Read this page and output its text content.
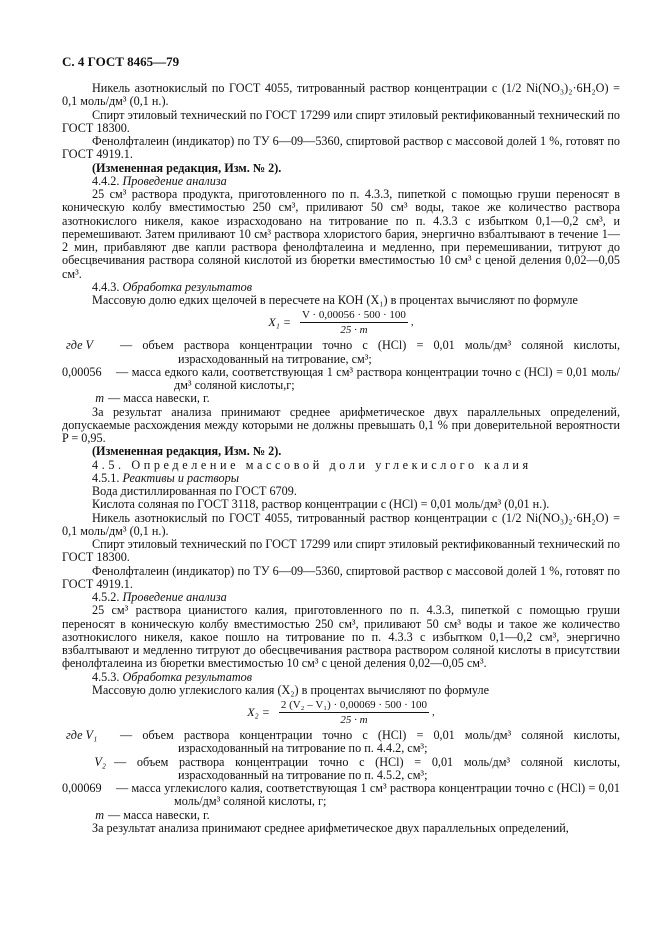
С. 4 ГОСТ 8465—79

Никель азотнокислый по ГОСТ 4055, титрованный раствор концентрации c (1/2 Ni(NO₃)₂·6H₂O) = 0,1 моль/дм³ (0,1 н.).

Спирт этиловый технический по ГОСТ 17299 или спирт этиловый ректификованный технический по ГОСТ 18300.

Фенолфталеин (индикатор) по ТУ 6—09—5360, спиртовой раствор с массовой долей 1 %, готовят по ГОСТ 4919.1.

(Измененная редакция, Изм. № 2).

4.4.2. Проведение анализа

25 см³ раствора продукта, приготовленного по п. 4.3.3, пипеткой с помощью груши переносят в коническую колбу вместимостью 250 см³, приливают 50 см³ воды, такое же количество раствора азотнокислого никеля, какое израсходовано на титрование по п. 4.3.3 с избытком 0,1—0,2 см³, и перемешивают. Затем приливают 10 см³ раствора хлористого бария, энергично взбалтывают в течение 1—2 мин, прибавляют две капли раствора фенолфталеина и медленно, при перемешивании, титруют до обесцвечивания раствора соляной кислотой из бюретки вместимостью 10 см³ с ценой деления 0,02—0,05 см³.

4.4.3. Обработка результатов

Массовую долю едких щелочей в пересчете на КОН (X₁) в процентах вычисляют по формуле

$X_1 = \frac{V \cdot 0,00056 \cdot 500 \cdot 100}{25 \cdot m}$ ,
где V	— объем раствора концентрации точно c (HCl) = 0,01 моль/дм³ соляной кислоты, израсходованный на титрование, см³;
0,00056	— масса едкого кали, соответствующая 1 см³ раствора концентрации точно c (HCl) = 0,01 моль/дм³ соляной кислоты,г;
m — масса навески, г.

За результат анализа принимают среднее арифметическое двух параллельных определений, допускаемые расхождения между которыми не должны превышать 0,1 % при доверительной вероятности P = 0,95.

(Измененная редакция, Изм. № 2).

4.5. Определение массовой доли углекислого калия

4.5.1. Реактивы и растворы

Вода дистиллированная по ГОСТ 6709.

Кислота соляная по ГОСТ 3118, раствор концентрации c (HCl) = 0,01 моль/дм³ (0,01 н.).

Никель азотнокислый по ГОСТ 4055, титрованный раствор концентрации c (1/2 Ni(NO₃)₂·6H₂O) = 0,1 моль/дм³ (0,1 н.).

Спирт этиловый технический по ГОСТ 17299 или спирт этиловый ректификованный технический по ГОСТ 18300.

Фенолфталеин (индикатор) по ТУ 6—09—5360, спиртовой раствор с массовой долей 1 %, готовят по ГОСТ 4919.1.

4.5.2. Проведение анализа

25 см³ раствора цианистого калия, приготовленного по п. 4.3.3, пипеткой с помощью груши переносят в коническую колбу вместимостью 250 см³, приливают 50 см³ воды и такое же количество азотнокислого никеля, какое пошло на титрование по п. 4.3.3 с избытком 0,1—0,2 см³, энергично взбалтывают и медленно титруют до обесцвечивания раствора раствором соляной кислоты в присутствии фенолфталеина из бюретки вместимостью 10 см³ с ценой деления 0,02—0,05 см³.

4.5.3. Обработка результатов

Массовую долю углекислого калия (X₂) в процентах вычисляют по формуле

$X_2 = \frac{\text{2 (V₂ – V₁) · 0,00069 · 500 · 100}}{25 \cdot m}$ ,
где V₁	— объем раствора концентрации точно c (HCl) = 0,01 моль/дм³ соляной кислоты, израсходованный на титрование по п. 4.4.2, см³;
V₂ — объем раствора концентрации точно c (HCl) = 0,01 моль/дм³ соляной кислоты, израсходованный на титрование по п. 4.5.2, см³;
0,00069	— масса углекислого калия, соответствующая 1 см³ раствора концентрации точно c (HCl) = 0,01 моль/дм³ соляной кислоты, г;
m — масса навески, г.

За результат анализа принимают среднее арифметическое двух параллельных определений,
